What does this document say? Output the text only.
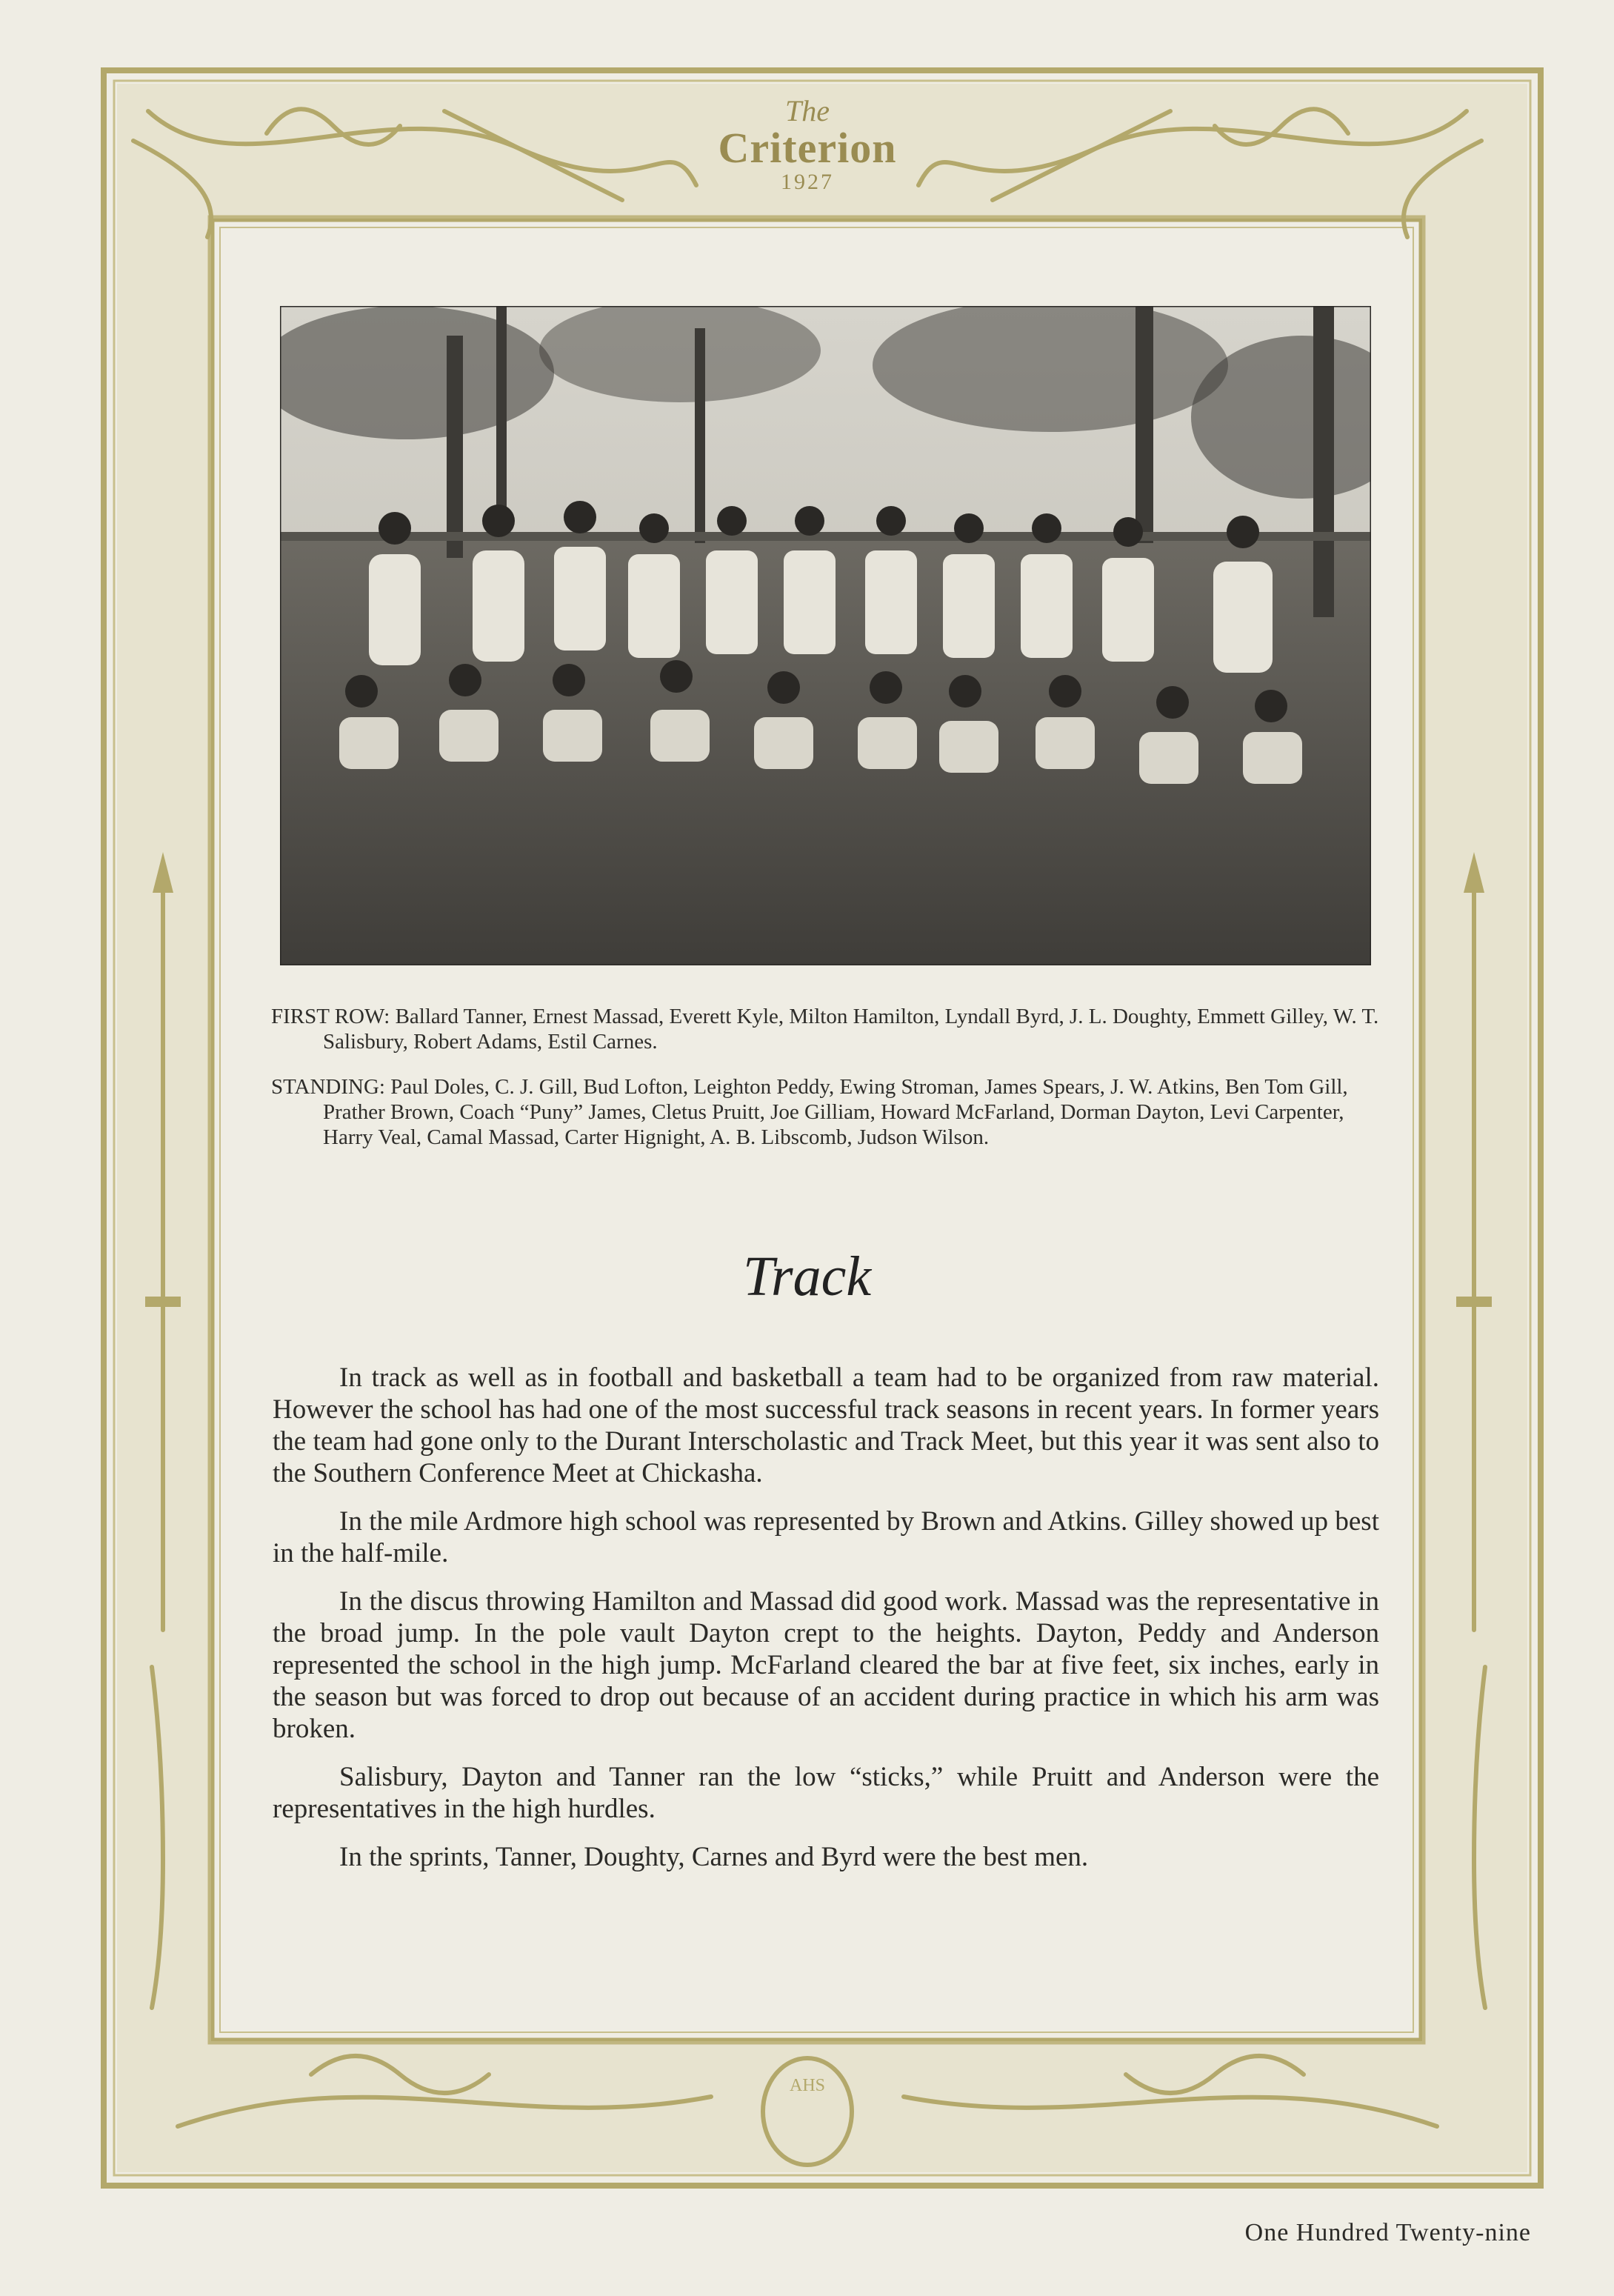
AHS
The
Criterion
1927
FIRST ROW: Ballard Tanner, Ernest Massad, Everett Kyle, Milton Hamilton, Lyndall Byrd, J. L. Doughty, Emmett Gilley, W. T. Salisbury, Robert Adams, Estil Carnes.
STANDING: Paul Doles, C. J. Gill, Bud Lofton, Leighton Peddy, Ewing Stroman, James Spears, J. W. Atkins, Ben Tom Gill, Prather Brown, Coach “Puny” James, Cletus Pruitt, Joe Gilliam, Howard McFarland, Dorman Dayton, Levi Carpenter, Harry Veal, Camal Massad, Carter Hignight, A. B. Libscomb, Judson Wilson.
Track

In track as well as in football and basketball a team had to be organized from raw material. However the school has had one of the most successful track seasons in recent years. In former years the team had gone only to the Durant Interscholastic and Track Meet, but this year it was sent also to the Southern Conference Meet at Chickasha.

In the mile Ardmore high school was represented by Brown and Atkins. Gilley showed up best in the half-mile.

In the discus throwing Hamilton and Massad did good work. Massad was the representative in the broad jump. In the pole vault Dayton crept to the heights. Dayton, Peddy and Anderson represented the school in the high jump. McFarland cleared the bar at five feet, six inches, early in the season but was forced to drop out because of an accident during practice in which his arm was broken.

Salisbury, Dayton and Tanner ran the low “sticks,” while Pruitt and Anderson were the representatives in the high hurdles.

In the sprints, Tanner, Doughty, Carnes and Byrd were the best men.

One Hundred Twenty-nine
